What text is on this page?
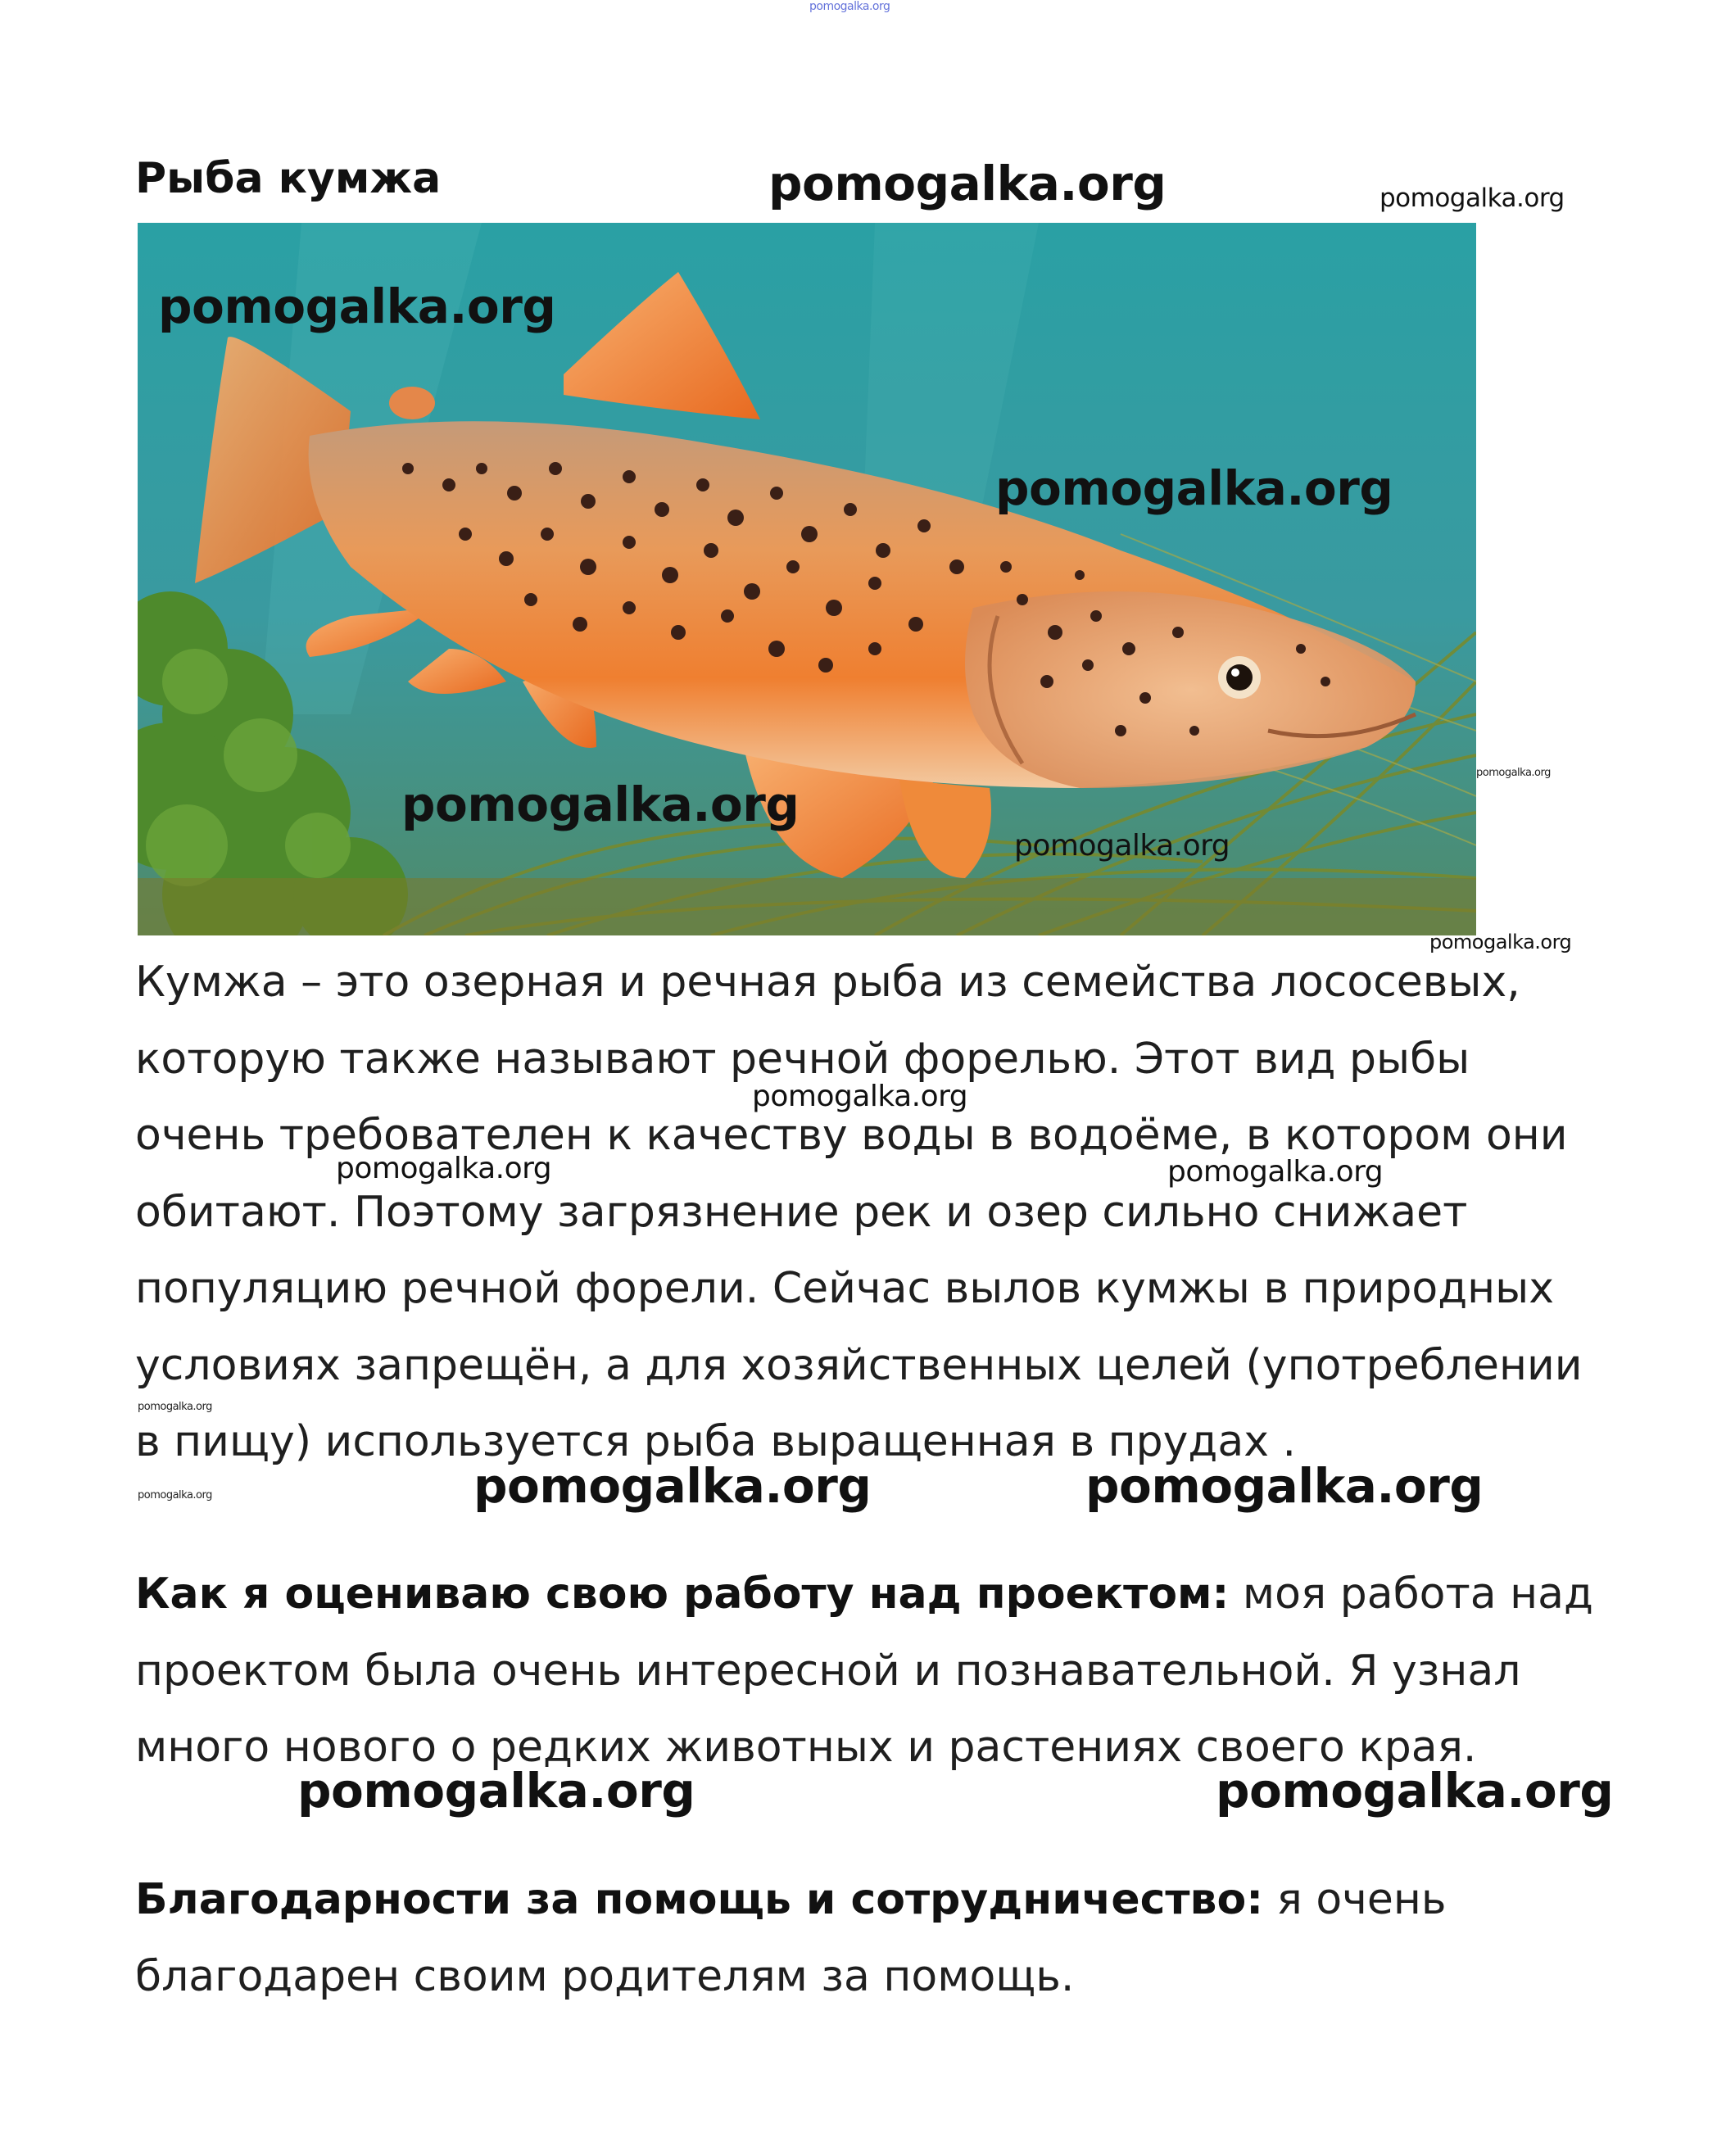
pomogalka.org
Рыба кумжа	pomogalka.org	pomogalka.org
pomogalka.org
pomogalka.org
pomogalka.org
pomogalka.org
pomogalka.org
pomogalka.org
Кумжа – это озерная и речная рыба из семейства лососевых, которую также называют речной форелью. Этот вид рыбы очень требователен к качеству воды в водоёме, в котором они обитают. Поэтому загрязнение рек и озер сильно снижает популяцию речной форели. Сейчас вылов кумжы в природных условиях запрещён, а для хозяйственных целей (употреблении в пищу) используется рыба выращенная в прудах .
pomogalka.org
pomogalka.org	pomogalka.org
pomogalka.org
pomogalka.org	pomogalka.org	pomogalka.org
Как я оцениваю свою работу над проектом: моя работа над проектом была очень интересной и познавательной. Я узнал много нового о редких животных и растениях своего края.
pomogalka.org	pomogalka.org
Благодарности за помощь и сотрудничество: я очень благодарен своим родителям за помощь.
